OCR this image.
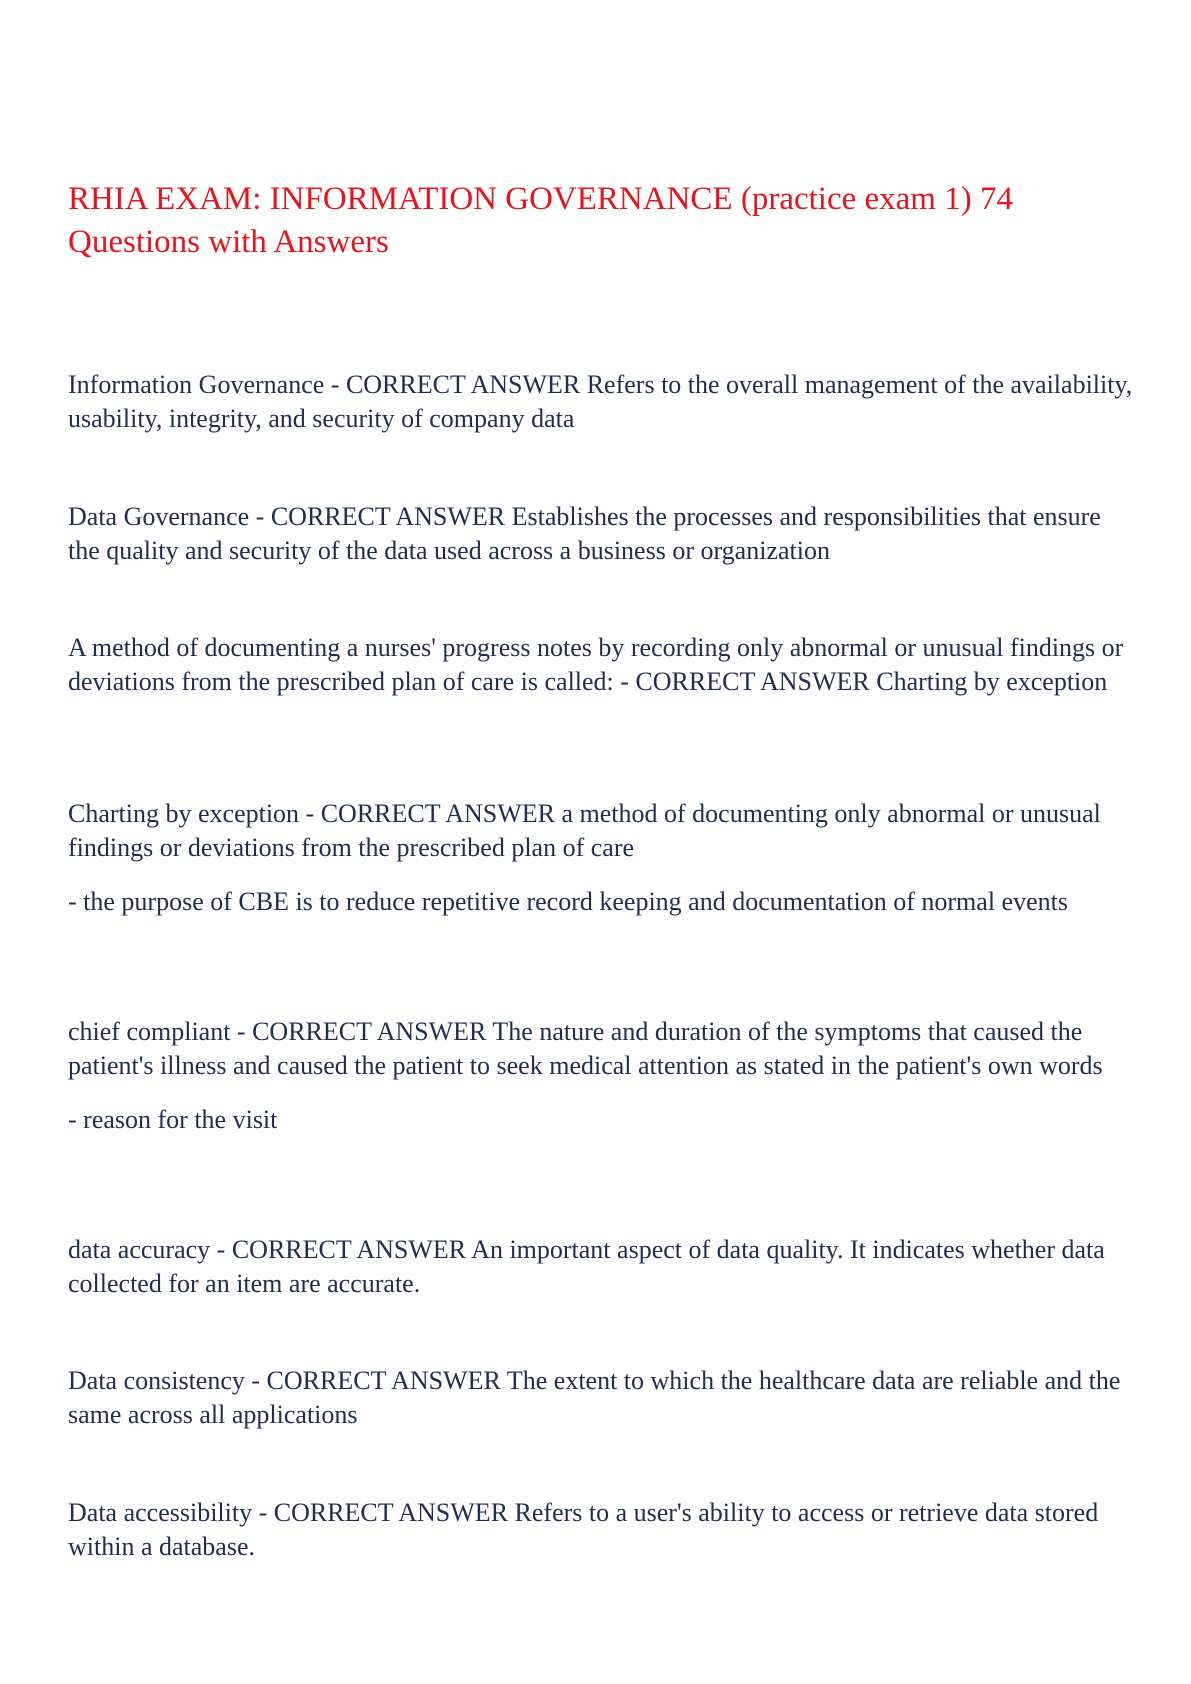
RHIA EXAM: INFORMATION GOVERNANCE (practice exam 1) 74 Questions with Answers

Information Governance - CORRECT ANSWER Refers to the overall management of the availability, usability, integrity, and security of company data

Data Governance - CORRECT ANSWER Establishes the processes and responsibilities that ensure the quality and security of the data used across a business or organization

A method of documenting a nurses' progress notes by recording only abnormal or unusual findings or deviations from the prescribed plan of care is called: - CORRECT ANSWER Charting by exception

Charting by exception - CORRECT ANSWER a method of documenting only abnormal or unusual findings or deviations from the prescribed plan of care

- the purpose of CBE is to reduce repetitive record keeping and documentation of normal events

chief compliant - CORRECT ANSWER The nature and duration of the symptoms that caused the patient's illness and caused the patient to seek medical attention as stated in the patient's own words

- reason for the visit

data accuracy - CORRECT ANSWER An important aspect of data quality. It indicates whether data collected for an item are accurate.

Data consistency - CORRECT ANSWER The extent to which the healthcare data are reliable and the same across all applications

Data accessibility - CORRECT ANSWER Refers to a user's ability to access or retrieve data stored within a database.
